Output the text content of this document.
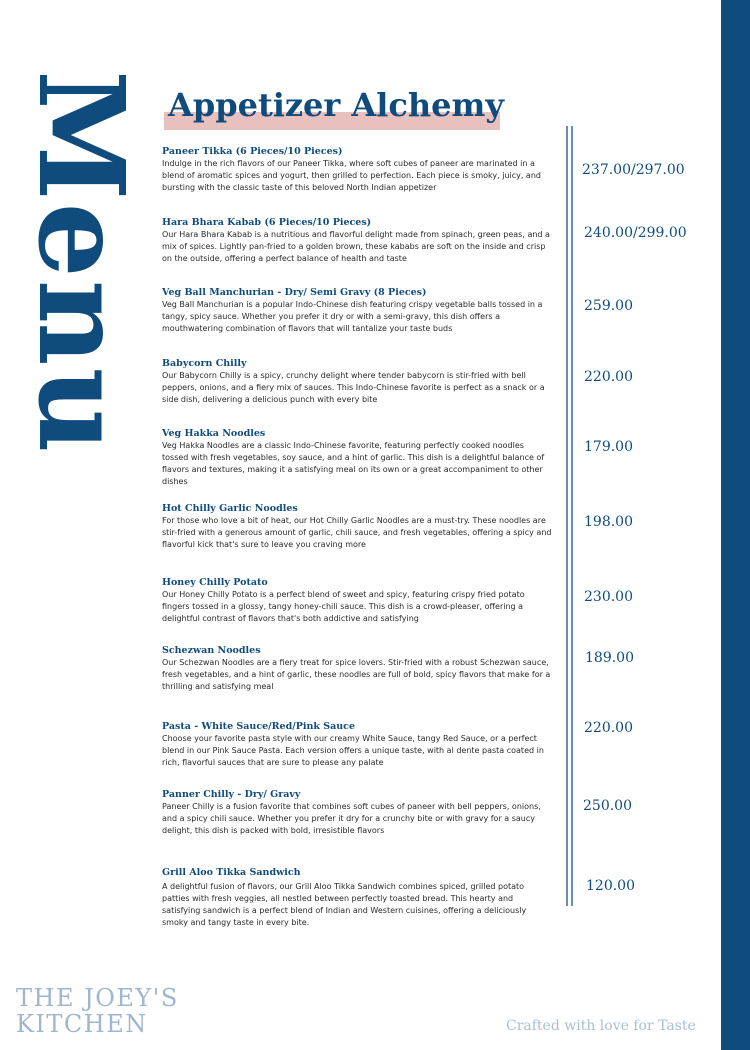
Menu Appetizer Alchemy
Paneer Tikka (6 Pieces/10 Pieces)
Indulge in the rich flavors of our Paneer Tikka, where soft cubes of paneer are marinated in a blend of aromatic spices and yogurt, then grilled to perfection. Each piece is smoky, juicy, and bursting with the classic taste of this beloved North Indian appetizer
237.00/297.00
Hara Bhara Kabab (6 Pieces/10 Pieces)
Our Hara Bhara Kabab is a nutritious and flavorful delight made from spinach, green peas, and a mix of spices. Lightly pan-fried to a golden brown, these kababs are soft on the inside and crisp on the outside, offering a perfect balance of health and taste
240.00/299.00
Veg Ball Manchurian - Dry/ Semi Gravy (8 Pieces)
Veg Ball Manchurian is a popular Indo-Chinese dish featuring crispy vegetable balls tossed in a tangy, spicy sauce. Whether you prefer it dry or with a semi-gravy, this dish offers a mouthwatering combination of flavors that will tantalize your taste buds
259.00
Babycorn Chilly
Our Babycorn Chilly is a spicy, crunchy delight where tender babycorn is stir-fried with bell peppers, onions, and a fiery mix of sauces. This Indo-Chinese favorite is perfect as a snack or a side dish, delivering a delicious punch with every bite
220.00
Veg Hakka Noodles
Veg Hakka Noodles are a classic Indo-Chinese favorite, featuring perfectly cooked noodles tossed with fresh vegetables, soy sauce, and a hint of garlic. This dish is a delightful balance of flavors and textures, making it a satisfying meal on its own or a great accompaniment to other dishes
179.00
Hot Chilly Garlic Noodles
For those who love a bit of heat, our Hot Chilly Garlic Noodles are a must-try. These noodles are stir-fried with a generous amount of garlic, chili sauce, and fresh vegetables, offering a spicy and flavorful kick that's sure to leave you craving more
198.00
Honey Chilly Potato
Our Honey Chilly Potato is a perfect blend of sweet and spicy, featuring crispy fried potato fingers tossed in a glossy, tangy honey-chili sauce. This dish is a crowd-pleaser, offering a delightful contrast of flavors that's both addictive and satisfying
230.00
Schezwan Noodles
Our Schezwan Noodles are a fiery treat for spice lovers. Stir-fried with a robust Schezwan sauce, fresh vegetables, and a hint of garlic, these noodles are full of bold, spicy flavors that make for a thrilling and satisfying meal
189.00
Pasta - White Sauce/Red/Pink Sauce
Choose your favorite pasta style with our creamy White Sauce, tangy Red Sauce, or a perfect blend in our Pink Sauce Pasta. Each version offers a unique taste, with al dente pasta coated in rich, flavorful sauces that are sure to please any palate
220.00
Panner Chilly - Dry/ Gravy
Paneer Chilly is a fusion favorite that combines soft cubes of paneer with bell peppers, onions, and a spicy chili sauce. Whether you prefer it dry for a crunchy bite or with gravy for a saucy delight, this dish is packed with bold, irresistible flavors
250.00
Grill Aloo Tikka Sandwich
A delightful fusion of flavors, our Grill Aloo Tikka Sandwich combines spiced, grilled potato patties with fresh veggies, all nestled between perfectly toasted bread. This hearty and satisfying sandwich is a perfect blend of Indian and Western cuisines, offering a deliciously smoky and tangy taste in every bite.
120.00
THE JOEY'S
KITCHEN	Crafted with love for Taste
